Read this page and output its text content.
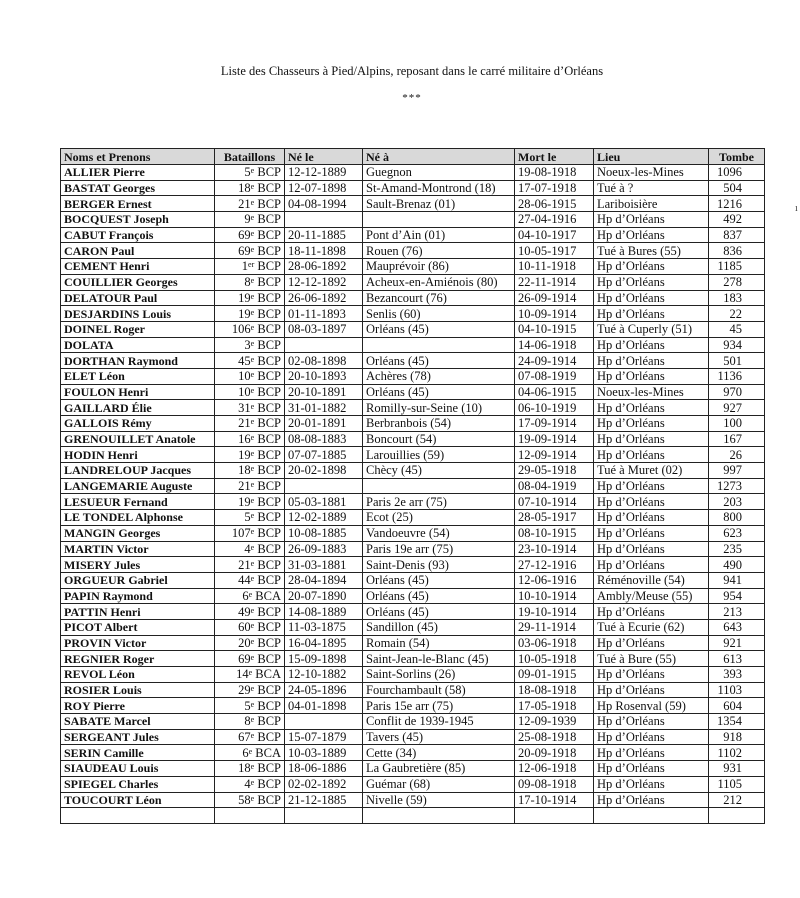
Liste des Chasseurs à Pied/Alpins, reposant dans le carré militaire d’Orléans
***
ı
Noms et Prenons	Bataillons	Né le	Né à	Mort le	Lieu	Tombe
ALLIER Pierre	5e BCP	12-12-1889	Guegnon	19-08-1918	Noeux-les-Mines	1096
BASTAT Georges	18e BCP	12-07-1898	St-Amand-Montrond (18)	17-07-1918	Tué à ?	504
BERGER Ernest	21e BCP	04-08-1994	Sault-Brenaz (01)	28-06-1915	Lariboisière	1216
BOCQUEST Joseph	9e BCP			27-04-1916	Hp d’Orléans	492
CABUT François	69e BCP	20-11-1885	Pont d’Ain (01)	04-10-1917	Hp d’Orléans	837
CARON Paul	69e BCP	18-11-1898	Rouen (76)	10-05-1917	Tué à Bures (55)	836
CEMENT Henri	1er BCP	28-06-1892	Mauprévoir (86)	10-11-1918	Hp d’Orléans	1185
COUILLIER Georges	8e BCP	12-12-1892	Acheux-en-Amiénois (80)	22-11-1914	Hp d’Orléans	278
DELATOUR Paul	19e BCP	26-06-1892	Bezancourt (76)	26-09-1914	Hp d’Orléans	183
DESJARDINS Louis	19e BCP	01-11-1893	Senlis (60)	10-09-1914	Hp d’Orléans	22
DOINEL Roger	106e BCP	08-03-1897	Orléans (45)	04-10-1915	Tué à Cuperly (51)	45
DOLATA	3e BCP			14-06-1918	Hp d’Orléans	934
DORTHAN Raymond	45e BCP	02-08-1898	Orléans (45)	24-09-1914	Hp d’Orléans	501
ELET Léon	10e BCP	20-10-1893	Achères (78)	07-08-1919	Hp d’Orléans	1136
FOULON Henri	10e BCP	20-10-1891	Orléans (45)	04-06-1915	Noeux-les-Mines	970
GAILLARD Élie	31e BCP	31-01-1882	Romilly-sur-Seine (10)	06-10-1919	Hp d’Orléans	927
GALLOIS Rémy	21e BCP	20-01-1891	Berbranbois (54)	17-09-1914	Hp d’Orléans	100
GRENOUILLET Anatole	16e BCP	08-08-1883	Boncourt (54)	19-09-1914	Hp d’Orléans	167
HODIN Henri	19e BCP	07-07-1885	Larouillies (59)	12-09-1914	Hp d’Orléans	26
LANDRELOUP Jacques	18e BCP	20-02-1898	Chècy (45)	29-05-1918	Tué à Muret (02)	997
LANGEMARIE Auguste	21e BCP			08-04-1919	Hp d’Orléans	1273
LESUEUR Fernand	19e BCP	05-03-1881	Paris 2e arr (75)	07-10-1914	Hp d’Orléans	203
LE TONDEL Alphonse	5e BCP	12-02-1889	Ecot (25)	28-05-1917	Hp d’Orléans	800
MANGIN Georges	107e BCP	10-08-1885	Vandoeuvre (54)	08-10-1915	Hp d’Orléans	623
MARTIN Victor	4e BCP	26-09-1883	Paris 19e arr (75)	23-10-1914	Hp d’Orléans	235
MISERY Jules	21e BCP	31-03-1881	Saint-Denis (93)	27-12-1916	Hp d’Orléans	490
ORGUEUR Gabriel	44e BCP	28-04-1894	Orléans (45)	12-06-1916	Réménoville (54)	941
PAPIN Raymond	6e BCA	20-07-1890	Orléans (45)	10-10-1914	Ambly/Meuse (55)	954
PATTIN Henri	49e BCP	14-08-1889	Orléans (45)	19-10-1914	Hp d’Orléans	213
PICOT Albert	60e BCP	11-03-1875	Sandillon (45)	29-11-1914	Tué à Ecurie (62)	643
PROVIN Victor	20e BCP	16-04-1895	Romain (54)	03-06-1918	Hp d’Orléans	921
REGNIER Roger	69e BCP	15-09-1898	Saint-Jean-le-Blanc (45)	10-05-1918	Tué à Bure (55)	613
REVOL Léon	14e BCA	12-10-1882	Saint-Sorlins (26)	09-01-1915	Hp d’Orléans	393
ROSIER Louis	29e BCP	24-05-1896	Fourchambault (58)	18-08-1918	Hp d’Orléans	1103
ROY Pierre	5e BCP	04-01-1898	Paris 15e arr (75)	17-05-1918	Hp Rosenval (59)	604
SABATE Marcel	8e BCP		Conflit de 1939-1945	12-09-1939	Hp d’Orléans	1354
SERGEANT Jules	67e BCP	15-07-1879	Tavers (45)	25-08-1918	Hp d’Orléans	918
SERIN Camille	6e BCA	10-03-1889	Cette (34)	20-09-1918	Hp d’Orléans	1102
SIAUDEAU Louis	18e BCP	18-06-1886	La Gaubretière (85)	12-06-1918	Hp d’Orléans	931
SPIEGEL Charles	4e BCP	02-02-1892	Guémar (68)	09-08-1918	Hp d’Orléans	1105
TOUCOURT Léon	58e BCP	21-12-1885	Nivelle (59)	17-10-1914	Hp d’Orléans	212
